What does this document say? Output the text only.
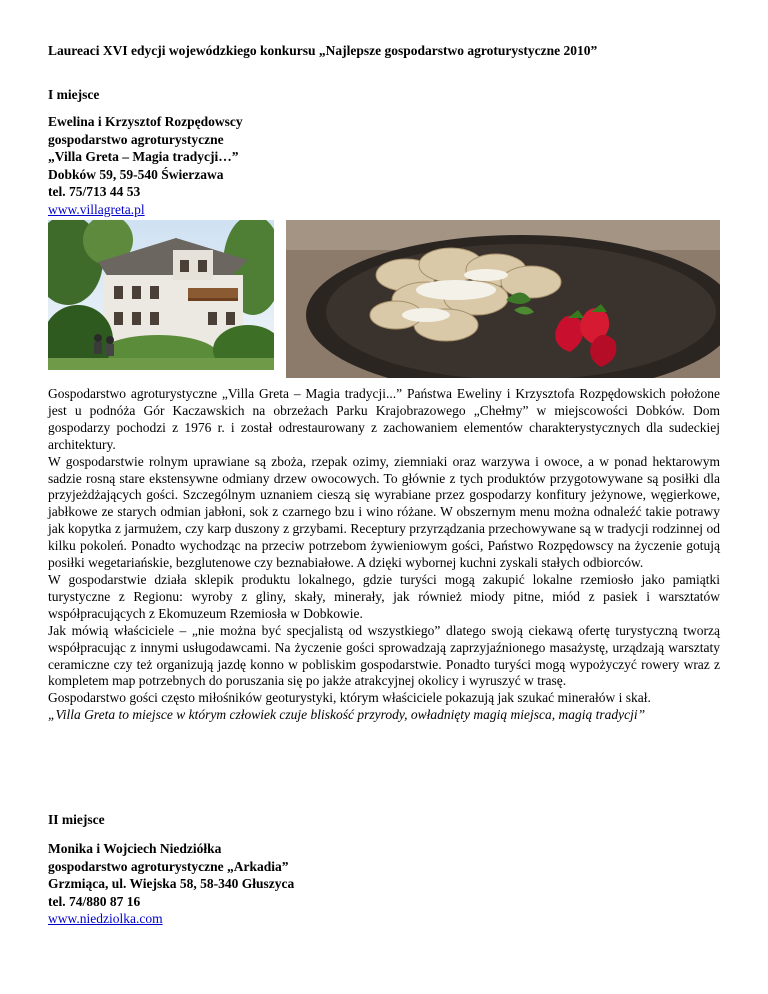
Laureaci XVI edycji wojewódzkiego konkursu „Najlepsze gospodarstwo agroturystyczne 2010”
I miejsce
Ewelina i Krzysztof Rozpędowscy
gospodarstwo agroturystyczne
„Villa Greta – Magia tradycji…”
Dobków 59, 59-540 Świerzawa
tel. 75/713 44 53
www.villagreta.pl

Gospodarstwo agroturystyczne „Villa Greta – Magia tradycji...” Państwa Eweliny i Krzysztofa Rozpędowskich położone jest u podnóża Gór Kaczawskich na obrzeżach Parku Krajobrazowego „Chełmy” w miejscowości Dobków. Dom gospodarzy pochodzi z 1976 r. i został odrestaurowany z zachowaniem elementów charakterystycznych dla sudeckiej architektury.

W gospodarstwie rolnym uprawiane są zboża, rzepak ozimy, ziemniaki oraz warzywa i owoce, a w ponad hektarowym sadzie rosną stare ekstensywne odmiany drzew owocowych. To głównie z tych produktów przygotowywane są posiłki dla przyjeżdżających gości. Szczególnym uznaniem cieszą się wyrabiane przez gospodarzy konfitury jeżynowe, węgierkowe, jabłkowe ze starych odmian jabłoni, sok z czarnego bzu i wino różane. W obszernym menu można odnaleźć takie potrawy jak kopytka z jarmużem, czy karp duszony z grzybami. Receptury przyrządzania przechowywane są w tradycji rodzinnej od kilku pokoleń. Ponadto wychodząc na przeciw potrzebom żywieniowym gości, Państwo Rozpędowscy na życzenie gotują posiłki wegetariańskie, bezglutenowe czy beznabiałowe. A dzięki wybornej kuchni zyskali stałych odbiorców.

W gospodarstwie działa sklepik produktu lokalnego, gdzie turyści mogą zakupić lokalne rzemiosło jako pamiątki turystyczne z Regionu: wyroby z gliny, skały, minerały, jak również miody pitne, miód z pasiek i warsztatów współpracujących z Ekomuzeum Rzemiosła w Dobkowie.

Jak mówią właściciele – „nie można być specjalistą od wszystkiego” dlatego swoją ciekawą ofertę turystyczną tworzą współpracując z innymi usługodawcami. Na życzenie gości sprowadzają zaprzyjaźnionego masażystę, urządzają warsztaty ceramiczne czy też organizują jazdę konno w pobliskim gospodarstwie. Ponadto turyści mogą wypożyczyć rowery wraz z kompletem map potrzebnych do poruszania się po jakże atrakcyjnej okolicy i wyruszyć w trasę.

Gospodarstwo gości często miłośników geoturystyki, którym właściciele pokazują jak szukać minerałów i skał.

„Villa Greta to miejsce w którym człowiek czuje bliskość przyrody, owładnięty magią miejsca, magią tradycji”

II miejsce
Monika i Wojciech Niedziółka
gospodarstwo agroturystyczne „Arkadia”
Grzmiąca, ul. Wiejska 58, 58-340 Głuszyca
tel. 74/880 87 16
www.niedziolka.com
